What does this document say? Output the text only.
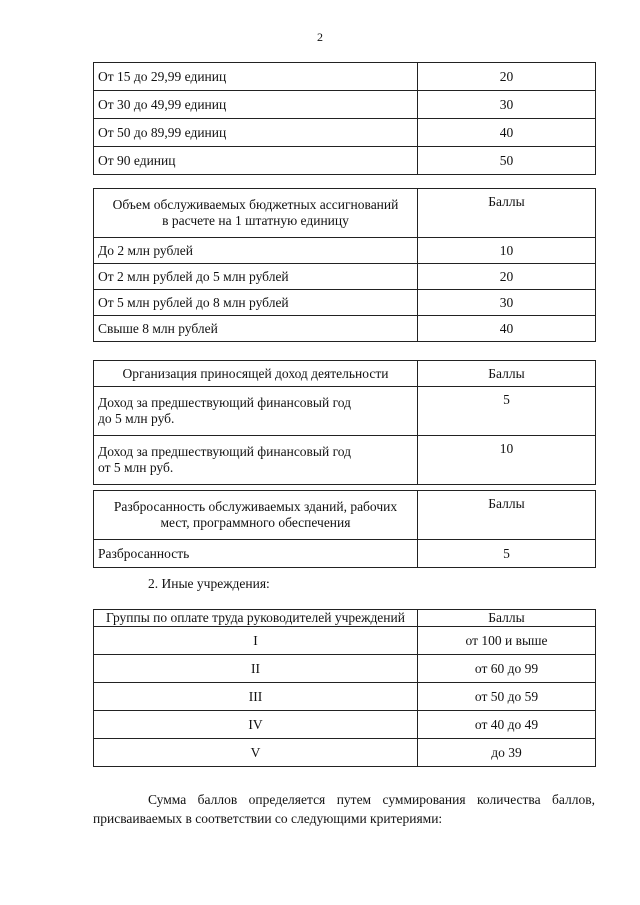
2
От 15 до 29,99 единиц	20
От 30 до 49,99 единиц	30
От 50 до 89,99 единиц	40
От 90 единиц	50
Объем обслуживаемых бюджетных ассигнований
в расчете на 1 штатную единицу	Баллы
До 2 млн рублей	10
От 2 млн рублей до 5 млн рублей	20
От 5 млн рублей до 8 млн рублей	30
Свыше 8 млн рублей	40
Организация приносящей доход деятельности	Баллы
Доход за предшествующий финансовый год
до 5 млн руб.	5
Доход за предшествующий финансовый год
от 5 млн руб.	10
Разбросанность обслуживаемых зданий, рабочих
мест, программного обеспечения	Баллы
Разбросанность	5
2. Иные учреждения:
Группы по оплате труда руководителей учреждений	Баллы
I	от 100 и выше
II	от 60 до 99
III	от 50 до 59
IV	от 40 до 49
V	до 39
Сумма баллов определяется путем суммирования количества баллов,
присваиваемых в соответствии со следующими критериями:
